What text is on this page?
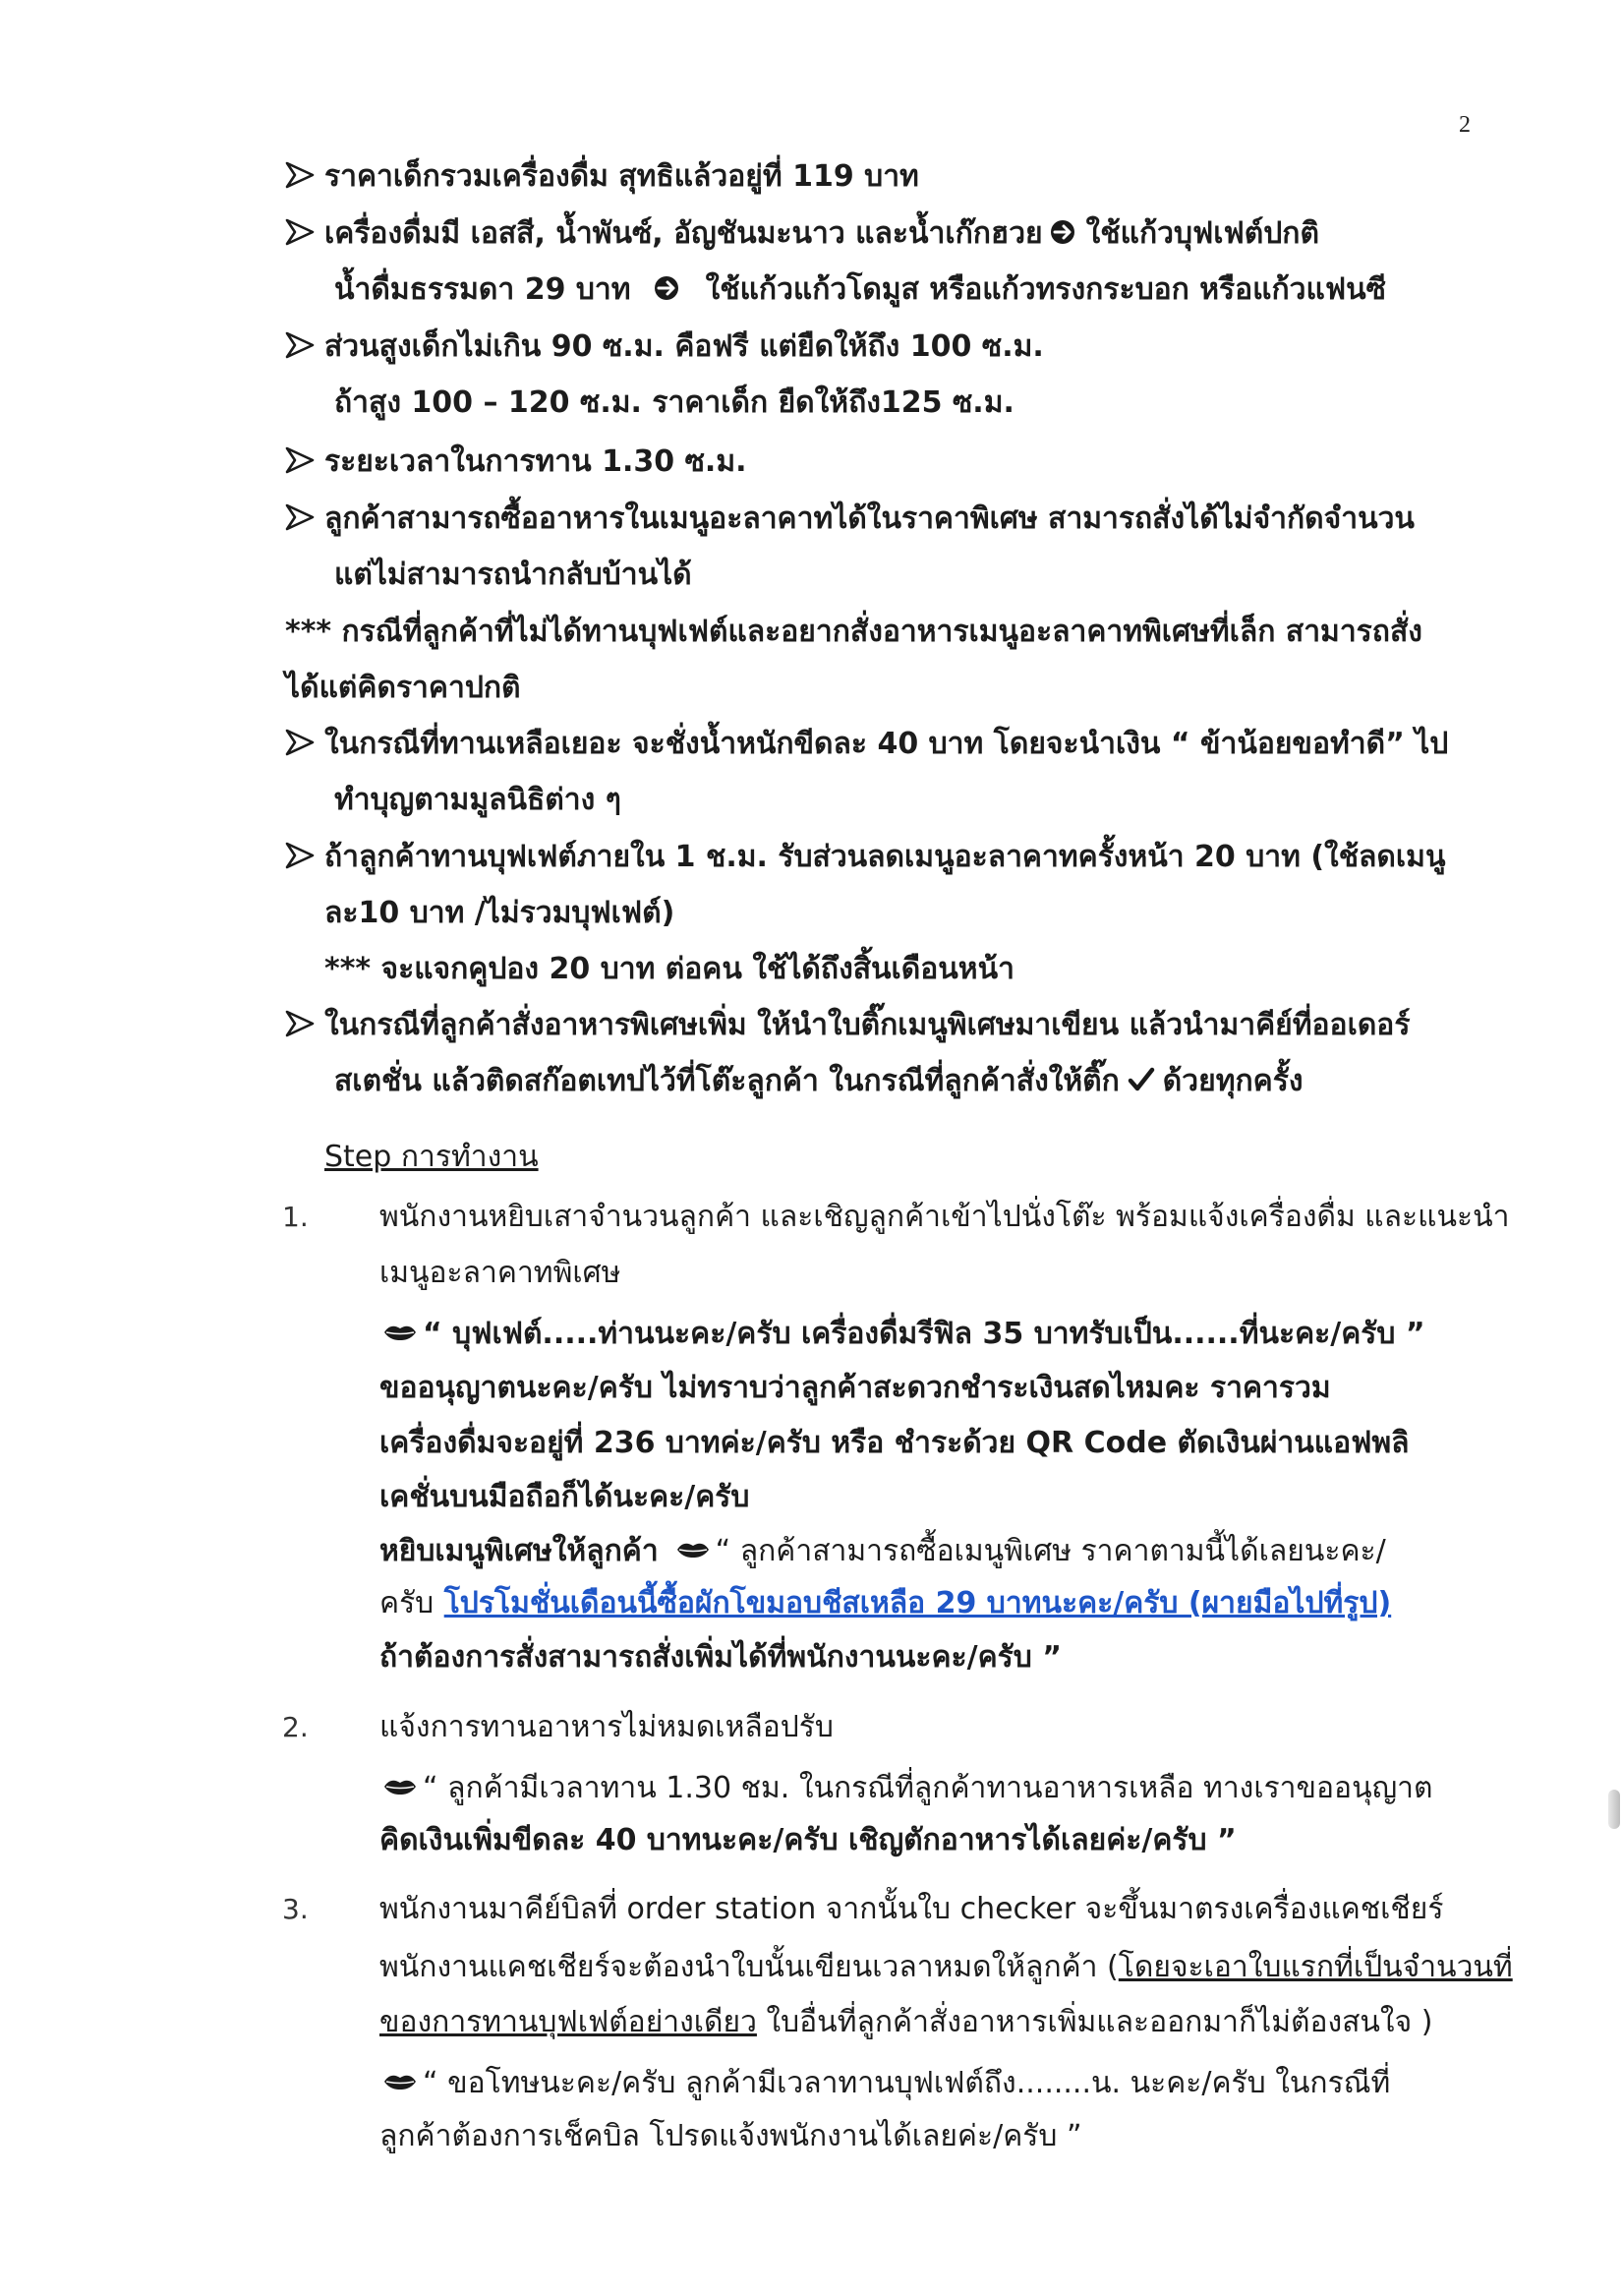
2
ราคาเด็กรวมเครื่องดื่ม สุทธิแล้วอยู่ที่ 119 บาท
เครื่องดื่มมี เอสสี, น้ำพันซ์, อัญชันมะนาว และน้ำเก๊กฮวย ใช้แก้วบุฟเฟต์ปกติ
น้ำดื่มธรรมดา 29 บาท	ใช้แก้วแก้วโดมูส หรือแก้วทรงกระบอก หรือแก้วแฟนซี
ส่วนสูงเด็กไม่เกิน 90 ซ.ม. คือฟรี แต่ยืดให้ถึง 100 ซ.ม.
ถ้าสูง 100 – 120 ซ.ม. ราคาเด็ก ยืดให้ถึง125 ซ.ม.
ระยะเวลาในการทาน 1.30 ซ.ม.
ลูกค้าสามารถซื้ออาหารในเมนูอะลาคาทได้ในราคาพิเศษ สามารถสั่งได้ไม่จำกัดจำนวน
แต่ไม่สามารถนำกลับบ้านได้
*** กรณีที่ลูกค้าที่ไม่ได้ทานบุฟเฟต์และอยากสั่งอาหารเมนูอะลาคาทพิเศษที่เล็ก สามารถสั่ง
ได้แต่คิดราคาปกติ
ในกรณีที่ทานเหลือเยอะ จะชั่งน้ำหนักขีดละ 40 บาท โดยจะนำเงิน “ ข้าน้อยขอทำดี” ไป
ทำบุญตามมูลนิธิต่าง ๆ
ถ้าลูกค้าทานบุฟเฟต์ภายใน 1 ช.ม. รับส่วนลดเมนูอะลาคาทครั้งหน้า 20 บาท (ใช้ลดเมนู
ละ10 บาท /ไม่รวมบุฟเฟต์)
*** จะแจกคูปอง 20 บาท ต่อคน ใช้ได้ถึงสิ้นเดือนหน้า
ในกรณีที่ลูกค้าสั่งอาหารพิเศษเพิ่ม ให้นำใบติ๊กเมนูพิเศษมาเขียน แล้วนำมาคีย์ที่ออเดอร์
สเตชั่น แล้วติดสก๊อตเทปไว้ที่โต๊ะลูกค้า ในกรณีที่ลูกค้าสั่งให้ติ๊ก ด้วยทุกครั้ง
Step การทำงาน
1. พนักงานหยิบเสาจำนวนลูกค้า และเชิญลูกค้าเข้าไปนั่งโต๊ะ พร้อมแจ้งเครื่องดื่ม และแนะนำ
เมนูอะลาคาทพิเศษ
“ บุฟเฟต์.....ท่านนะคะ/ครับ เครื่องดื่มรีฟิล 35 บาทรับเป็น......ที่นะคะ/ครับ ”
ขออนุญาตนะคะ/ครับ ไม่ทราบว่าลูกค้าสะดวกชำระเงินสดไหมคะ ราคารวม
เครื่องดื่มจะอยู่ที่ 236 บาทค่ะ/ครับ หรือ ชำระด้วย QR Code ตัดเงินผ่านแอฟพลิ
เคชั่นบนมือถือก็ได้นะคะ/ครับ
หยิบเมนูพิเศษให้ลูกค้า “ ลูกค้าสามารถซื้อเมนูพิเศษ ราคาตามนี้ได้เลยนะคะ/
ครับ โปรโมชั่นเดือนนี้ซื้อผักโขมอบชีสเหลือ 29 บาทนะคะ/ครับ (ผายมือไปที่รูป)
ถ้าต้องการสั่งสามารถสั่งเพิ่มได้ที่พนักงานนะคะ/ครับ ”
2. แจ้งการทานอาหารไม่หมดเหลือปรับ
“ ลูกค้ามีเวลาทาน 1.30 ชม. ในกรณีที่ลูกค้าทานอาหารเหลือ ทางเราขออนุญาต
คิดเงินเพิ่มขีดละ 40 บาทนะคะ/ครับ เชิญตักอาหารได้เลยค่ะ/ครับ ”
3. พนักงานมาคีย์บิลที่ order station จากนั้นใบ checker จะขึ้นมาตรงเครื่องแคชเชียร์
พนักงานแคชเชียร์จะต้องนำใบนั้นเขียนเวลาหมดให้ลูกค้า (โดยจะเอาใบแรกที่เป็นจำนวนที่
ของการทานบุฟเฟต์อย่างเดียว ใบอื่นที่ลูกค้าสั่งอาหารเพิ่มและออกมาก็ไม่ต้องสนใจ )
“ ขอโทษนะคะ/ครับ ลูกค้ามีเวลาทานบุฟเฟต์ถึง........น. นะคะ/ครับ ในกรณีที่
ลูกค้าต้องการเช็คบิล โปรดแจ้งพนักงานได้เลยค่ะ/ครับ ”
